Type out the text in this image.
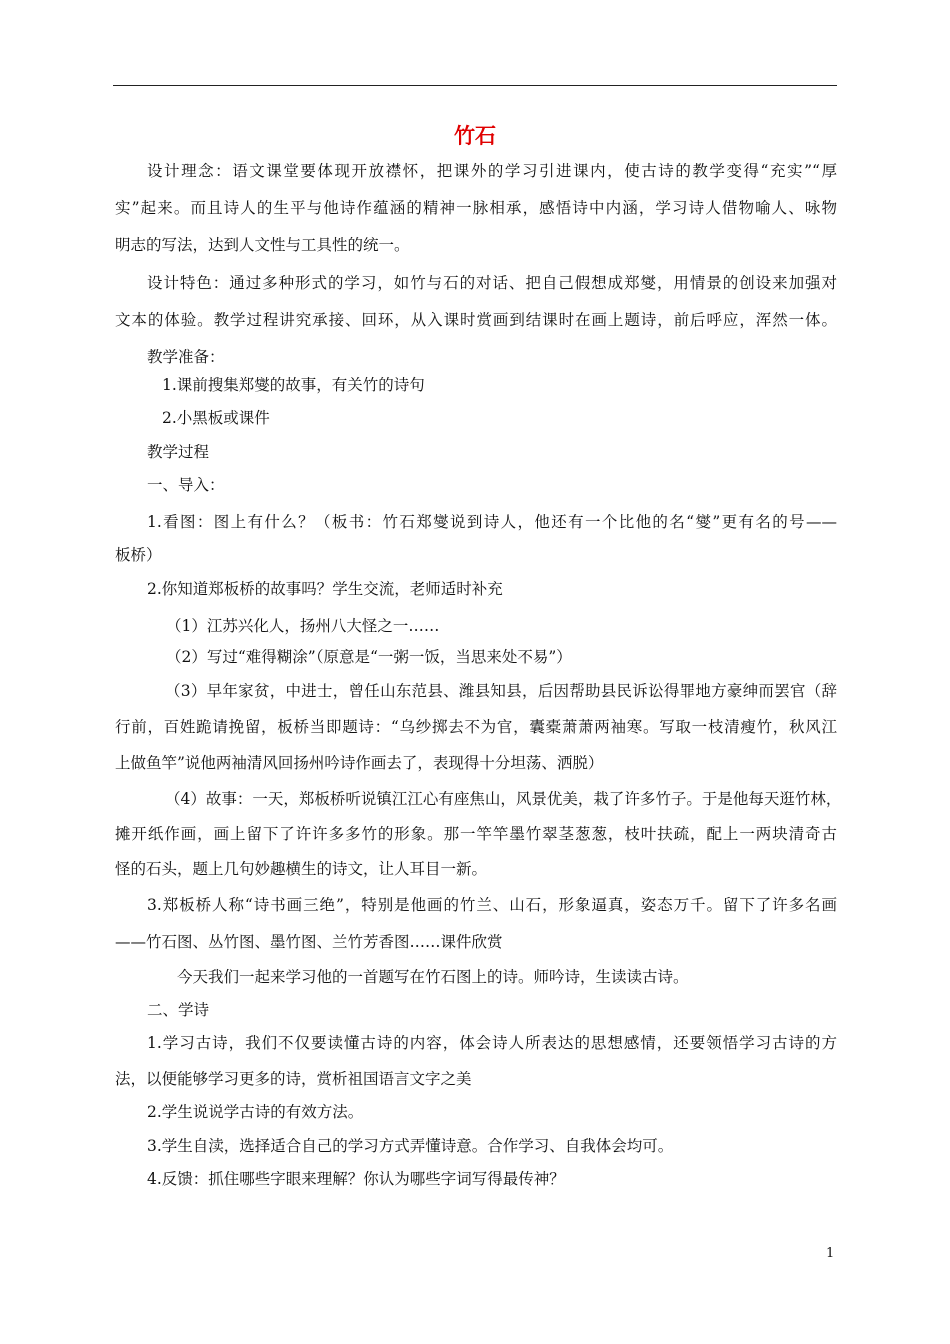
竹石
设计理念：语文课堂要体现开放襟怀，把课外的学习引进课内，使古诗的教学变得“充实”“厚
实”起来。而且诗人的生平与他诗作蕴涵的精神一脉相承，感悟诗中内涵，学习诗人借物喻人、咏物
明志的写法，达到人文性与工具性的统一。
设计特色：通过多种形式的学习，如竹与石的对话、把自己假想成郑燮，用情景的创设来加强对
文本的体验。教学过程讲究承接、回环，从入课时赏画到结课时在画上题诗，前后呼应，浑然一体。
教学准备：
1.课前搜集郑燮的故事，有关竹的诗句
2.小黑板或课件
教学过程
一、导入：
1.看图：图上有什么？（板书：竹石郑燮说到诗人，他还有一个比他的名“燮”更有名的号——
板桥）
2.你知道郑板桥的故事吗？学生交流，老师适时补充
（1）江苏兴化人，扬州八大怪之一……
（2）写过“难得糊涂”（原意是“一粥一饭，当思来处不易”）
（3）早年家贫，中进士，曾任山东范县、潍县知县，后因帮助县民诉讼得罪地方豪绅而罢官（辞
行前，百姓跪请挽留，板桥当即题诗：“乌纱掷去不为官，囊橐萧萧两袖寒。写取一枝清瘦竹，秋风江
上做鱼竿”说他两袖清风回扬州吟诗作画去了，表现得十分坦荡、洒脱）
（4）故事：一天，郑板桥听说镇江江心有座焦山，风景优美，栽了许多竹子。于是他每天逛竹林，
摊开纸作画，画上留下了许许多多竹的形象。那一竿竿墨竹翠茎葱葱，枝叶扶疏，配上一两块清奇古
怪的石头，题上几句妙趣横生的诗文，让人耳目一新。
3.郑板桥人称“诗书画三绝”，特别是他画的竹兰、山石，形象逼真，姿态万千。留下了许多名画
——竹石图、丛竹图、墨竹图、兰竹芳香图……课件欣赏
今天我们一起来学习他的一首题写在竹石图上的诗。师吟诗，生读读古诗。
二、学诗
1.学习古诗，我们不仅要读懂古诗的内容，体会诗人所表达的思想感情，还要领悟学习古诗的方
法，以便能够学习更多的诗，赏析祖国语言文字之美
2.学生说说学古诗的有效方法。
3.学生自渎，选择适合自己的学习方式弄懂诗意。合作学习、自我体会均可。
4.反馈：抓住哪些字眼来理解？你认为哪些字词写得最传神？
1
